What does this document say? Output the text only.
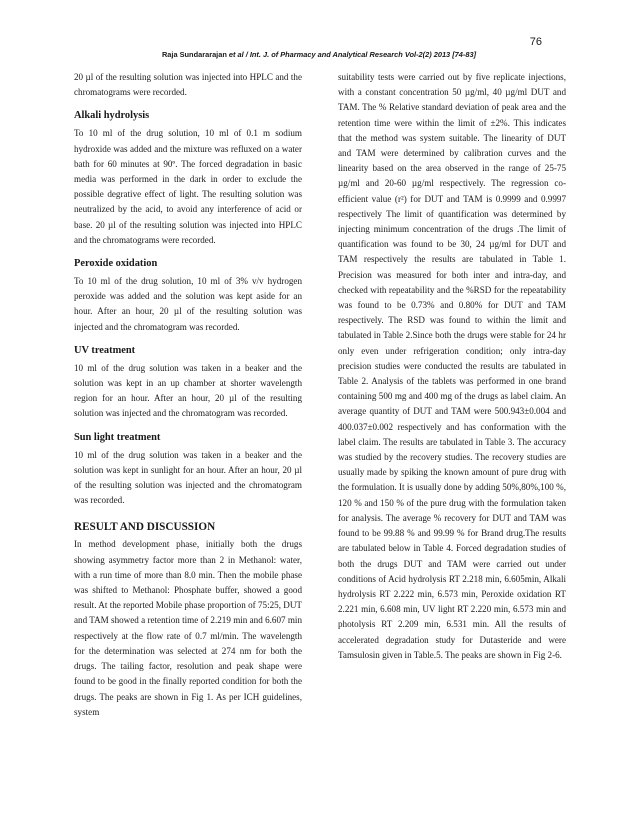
76
Raja Sundararajan et al / Int. J. of Pharmacy and Analytical Research Vol-2(2) 2013 [74-83]

20 µl of the resulting solution was injected into HPLC and the chromatograms were recorded.

Alkali hydrolysis

To 10 ml of the drug solution, 10 ml of 0.1 m sodium hydroxide was added and the mixture was refluxed on a water bath for 60 minutes at 90º. The forced degradation in basic media was performed in the dark in order to exclude the possible degrative effect of light. The resulting solution was neutralized by the acid, to avoid any interference of acid or base. 20 µl of the resulting solution was injected into HPLC and the chromatograms were recorded.

Peroxide oxidation

To 10 ml of the drug solution, 10 ml of 3% v/v hydrogen peroxide was added and the solution was kept aside for an hour. After an hour, 20 µl of the resulting solution was injected and the chromatogram was recorded.

UV treatment

10 ml of the drug solution was taken in a beaker and the solution was kept in an up chamber at shorter wavelength region for an hour. After an hour, 20 µl of the resulting solution was injected and the chromatogram was recorded.

Sun light treatment

10 ml of the drug solution was taken in a beaker and the solution was kept in sunlight for an hour. After an hour, 20 µl of the resulting solution was injected and the chromatogram was recorded.

RESULT AND DISCUSSION

In method development phase, initially both the drugs showing asymmetry factor more than 2 in Methanol: water, with a run time of more than 8.0 min. Then the mobile phase was shifted to Methanol: Phosphate buffer, showed a good result. At the reported Mobile phase proportion of 75:25, DUT and TAM showed a retention time of 2.219 min and 6.607 min respectively at the flow rate of 0.7 ml/min. The wavelength for the determination was selected at 274 nm for both the drugs. The tailing factor, resolution and peak shape were found to be good in the finally reported condition for both the drugs. The peaks are shown in Fig 1. As per ICH guidelines, system

suitability tests were carried out by five replicate injections, with a constant concentration 50 µg/ml, 40 µg/ml DUT and TAM. The % Relative standard deviation of peak area and the retention time were within the limit of ±2%. This indicates that the method was system suitable. The linearity of DUT and TAM were determined by calibration curves and the linearity based on the area observed in the range of 25-75 µg/ml and 20-60 µg/ml respectively. The regression co-efficient value (r²) for DUT and TAM is 0.9999 and 0.9997 respectively The limit of quantification was determined by injecting minimum concentration of the drugs .The limit of quantification was found to be 30, 24 µg/ml for DUT and TAM respectively the results are tabulated in Table 1. Precision was measured for both inter and intra-day, and checked with repeatability and the %RSD for the repeatability was found to be 0.73% and 0.80% for DUT and TAM respectively. The RSD was found to within the limit and tabulated in Table 2.Since both the drugs were stable for 24 hr only even under refrigeration condition; only intra-day precision studies were conducted the results are tabulated in Table 2. Analysis of the tablets was performed in one brand containing 500 mg and 400 mg of the drugs as label claim. An average quantity of DUT and TAM were 500.943±0.004 and 400.037±0.002 respectively and has conformation with the label claim. The results are tabulated in Table 3. The accuracy was studied by the recovery studies. The recovery studies are usually made by spiking the known amount of pure drug with the formulation. It is usually done by adding 50%,80%,100 %, 120 % and 150 % of the pure drug with the formulation taken for analysis. The average % recovery for DUT and TAM was found to be 99.88 % and 99.99 % for Brand drug.The results are tabulated below in Table 4. Forced degradation studies of both the drugs DUT and TAM were carried out under conditions of Acid hydrolysis RT 2.218 min, 6.605min, Alkali hydrolysis RT 2.222 min, 6.573 min, Peroxide oxidation RT 2.221 min, 6.608 min, UV light RT 2.220 min, 6.573 min and photolysis RT 2.209 min, 6.531 min. All the results of accelerated degradation study for Dutasteride and were Tamsulosin given in Table.5. The peaks are shown in Fig 2-6.
